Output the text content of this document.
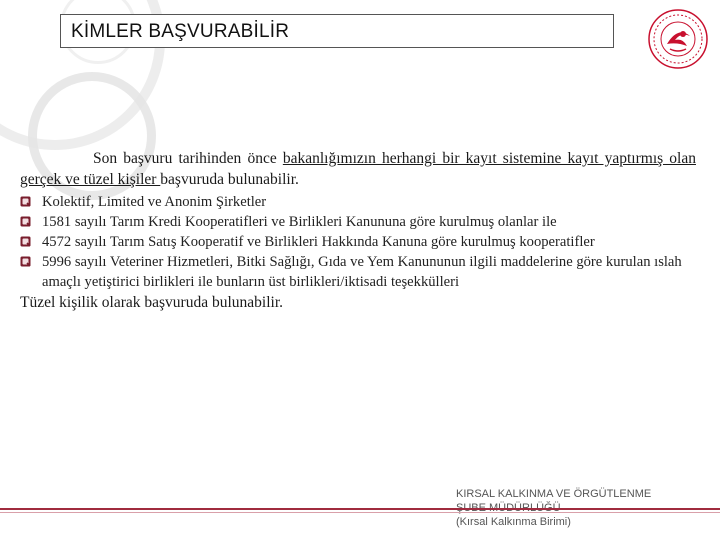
KİMLER BAŞVURABİLİR

Son başvuru tarihinden önce bakanlığımızın herhangi bir kayıt sistemine kayıt yaptırmış olan gerçek ve tüzel kişiler başvuruda bulunabilir.

Kolektif, Limited ve Anonim Şirketler
1581 sayılı Tarım Kredi Kooperatifleri ve Birlikleri Kanununa göre kurulmuş olanlar ile
4572 sayılı Tarım Satış Kooperatif ve Birlikleri Hakkında Kanuna göre kurulmuş kooperatifler
5996 sayılı Veteriner Hizmetleri, Bitki Sağlığı, Gıda ve Yem Kanununun ilgili maddelerine göre kurulan ıslah amaçlı yetiştirici birlikleri ile bunların üst birlikleri/iktisadi teşekkülleri

Tüzel kişilik olarak başvuruda bulunabilir.

KIRSAL KALKINMA VE ÖRGÜTLENME
(Kırsal Kalkınma Birimi)
